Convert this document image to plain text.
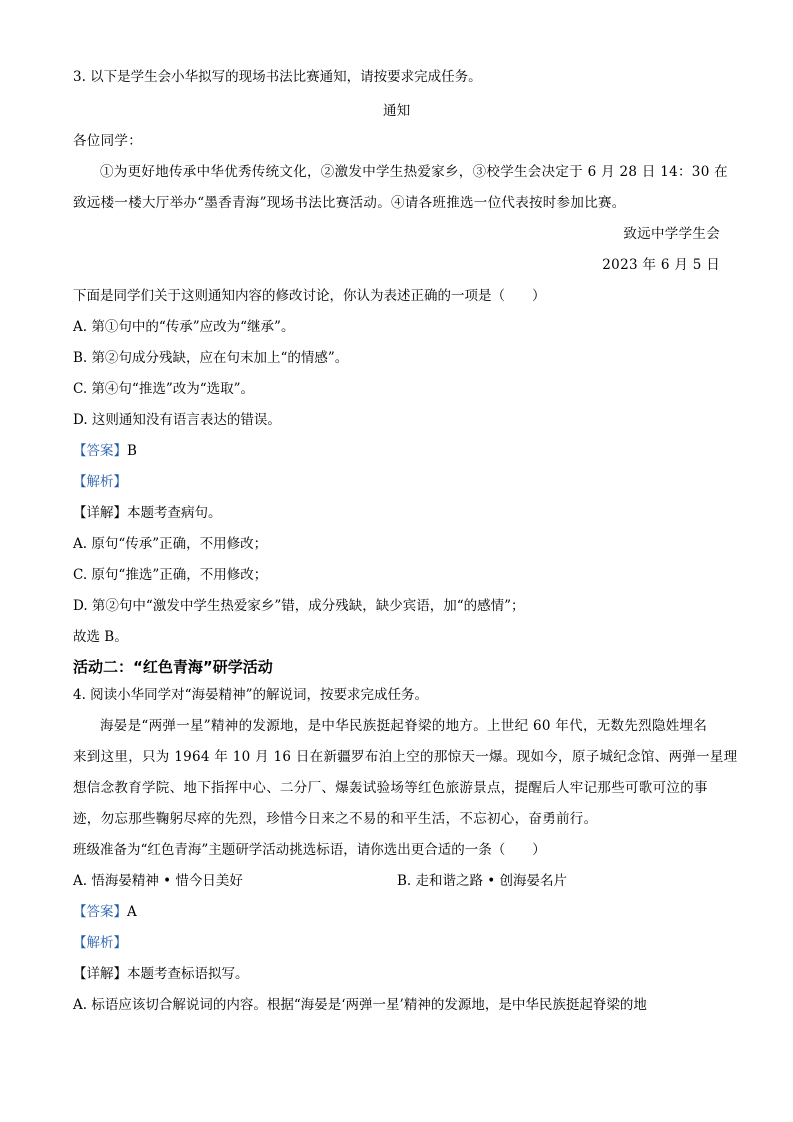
3. 以下是学生会小华拟写的现场书法比赛通知，请按要求完成任务。
通知
各位同学：
①为更好地传承中华优秀传统文化，②激发中学生热爱家乡，③校学生会决定于 6 月 28 日 14：30 在
致远楼一楼大厅举办“墨香青海”现场书法比赛活动。④请各班推选一位代表按时参加比赛。
致远中学学生会
2023 年 6 月 5 日
下面是同学们关于这则通知内容的修改讨论，你认为表述正确的一项是（　　）
A. 第①句中的“传承”应改为“继承”。
B. 第②句成分残缺，应在句末加上“的情感”。
C. 第④句“推选”改为“选取”。
D. 这则通知没有语言表达的错误。
【答案】B
【解析】
【详解】本题考查病句。
A. 原句“传承”正确，不用修改；
C. 原句“推选”正确，不用修改；
D. 第②句中“激发中学生热爱家乡”错，成分残缺，缺少宾语，加“的感情”；
故选 B。
活动二：“红色青海”研学活动
4. 阅读小华同学对“海晏精神”的解说词，按要求完成任务。
海晏是“两弹一星”精神的发源地，是中华民族挺起脊梁的地方。上世纪 60 年代，无数先烈隐姓埋名
来到这里，只为 1964 年 10 月 16 日在新疆罗布泊上空的那惊天一爆。现如今，原子城纪念馆、两弹一星理
想信念教育学院、地下指挥中心、二分厂、爆轰试验场等红色旅游景点，提醒后人牢记那些可歌可泣的事
迹，勿忘那些鞠躬尽瘁的先烈，珍惜今日来之不易的和平生活，不忘初心，奋勇前行。
班级准备为“红色青海”主题研学活动挑选标语，请你选出更合适的一条（　　）
A. 悟海晏精神 • 惜今日美好	B. 走和谐之路 • 创海晏名片
【答案】A
【解析】
【详解】本题考查标语拟写。
A. 标语应该切合解说词的内容。根据“海晏是‘两弹一星’精神的发源地，是中华民族挺起脊梁的地
